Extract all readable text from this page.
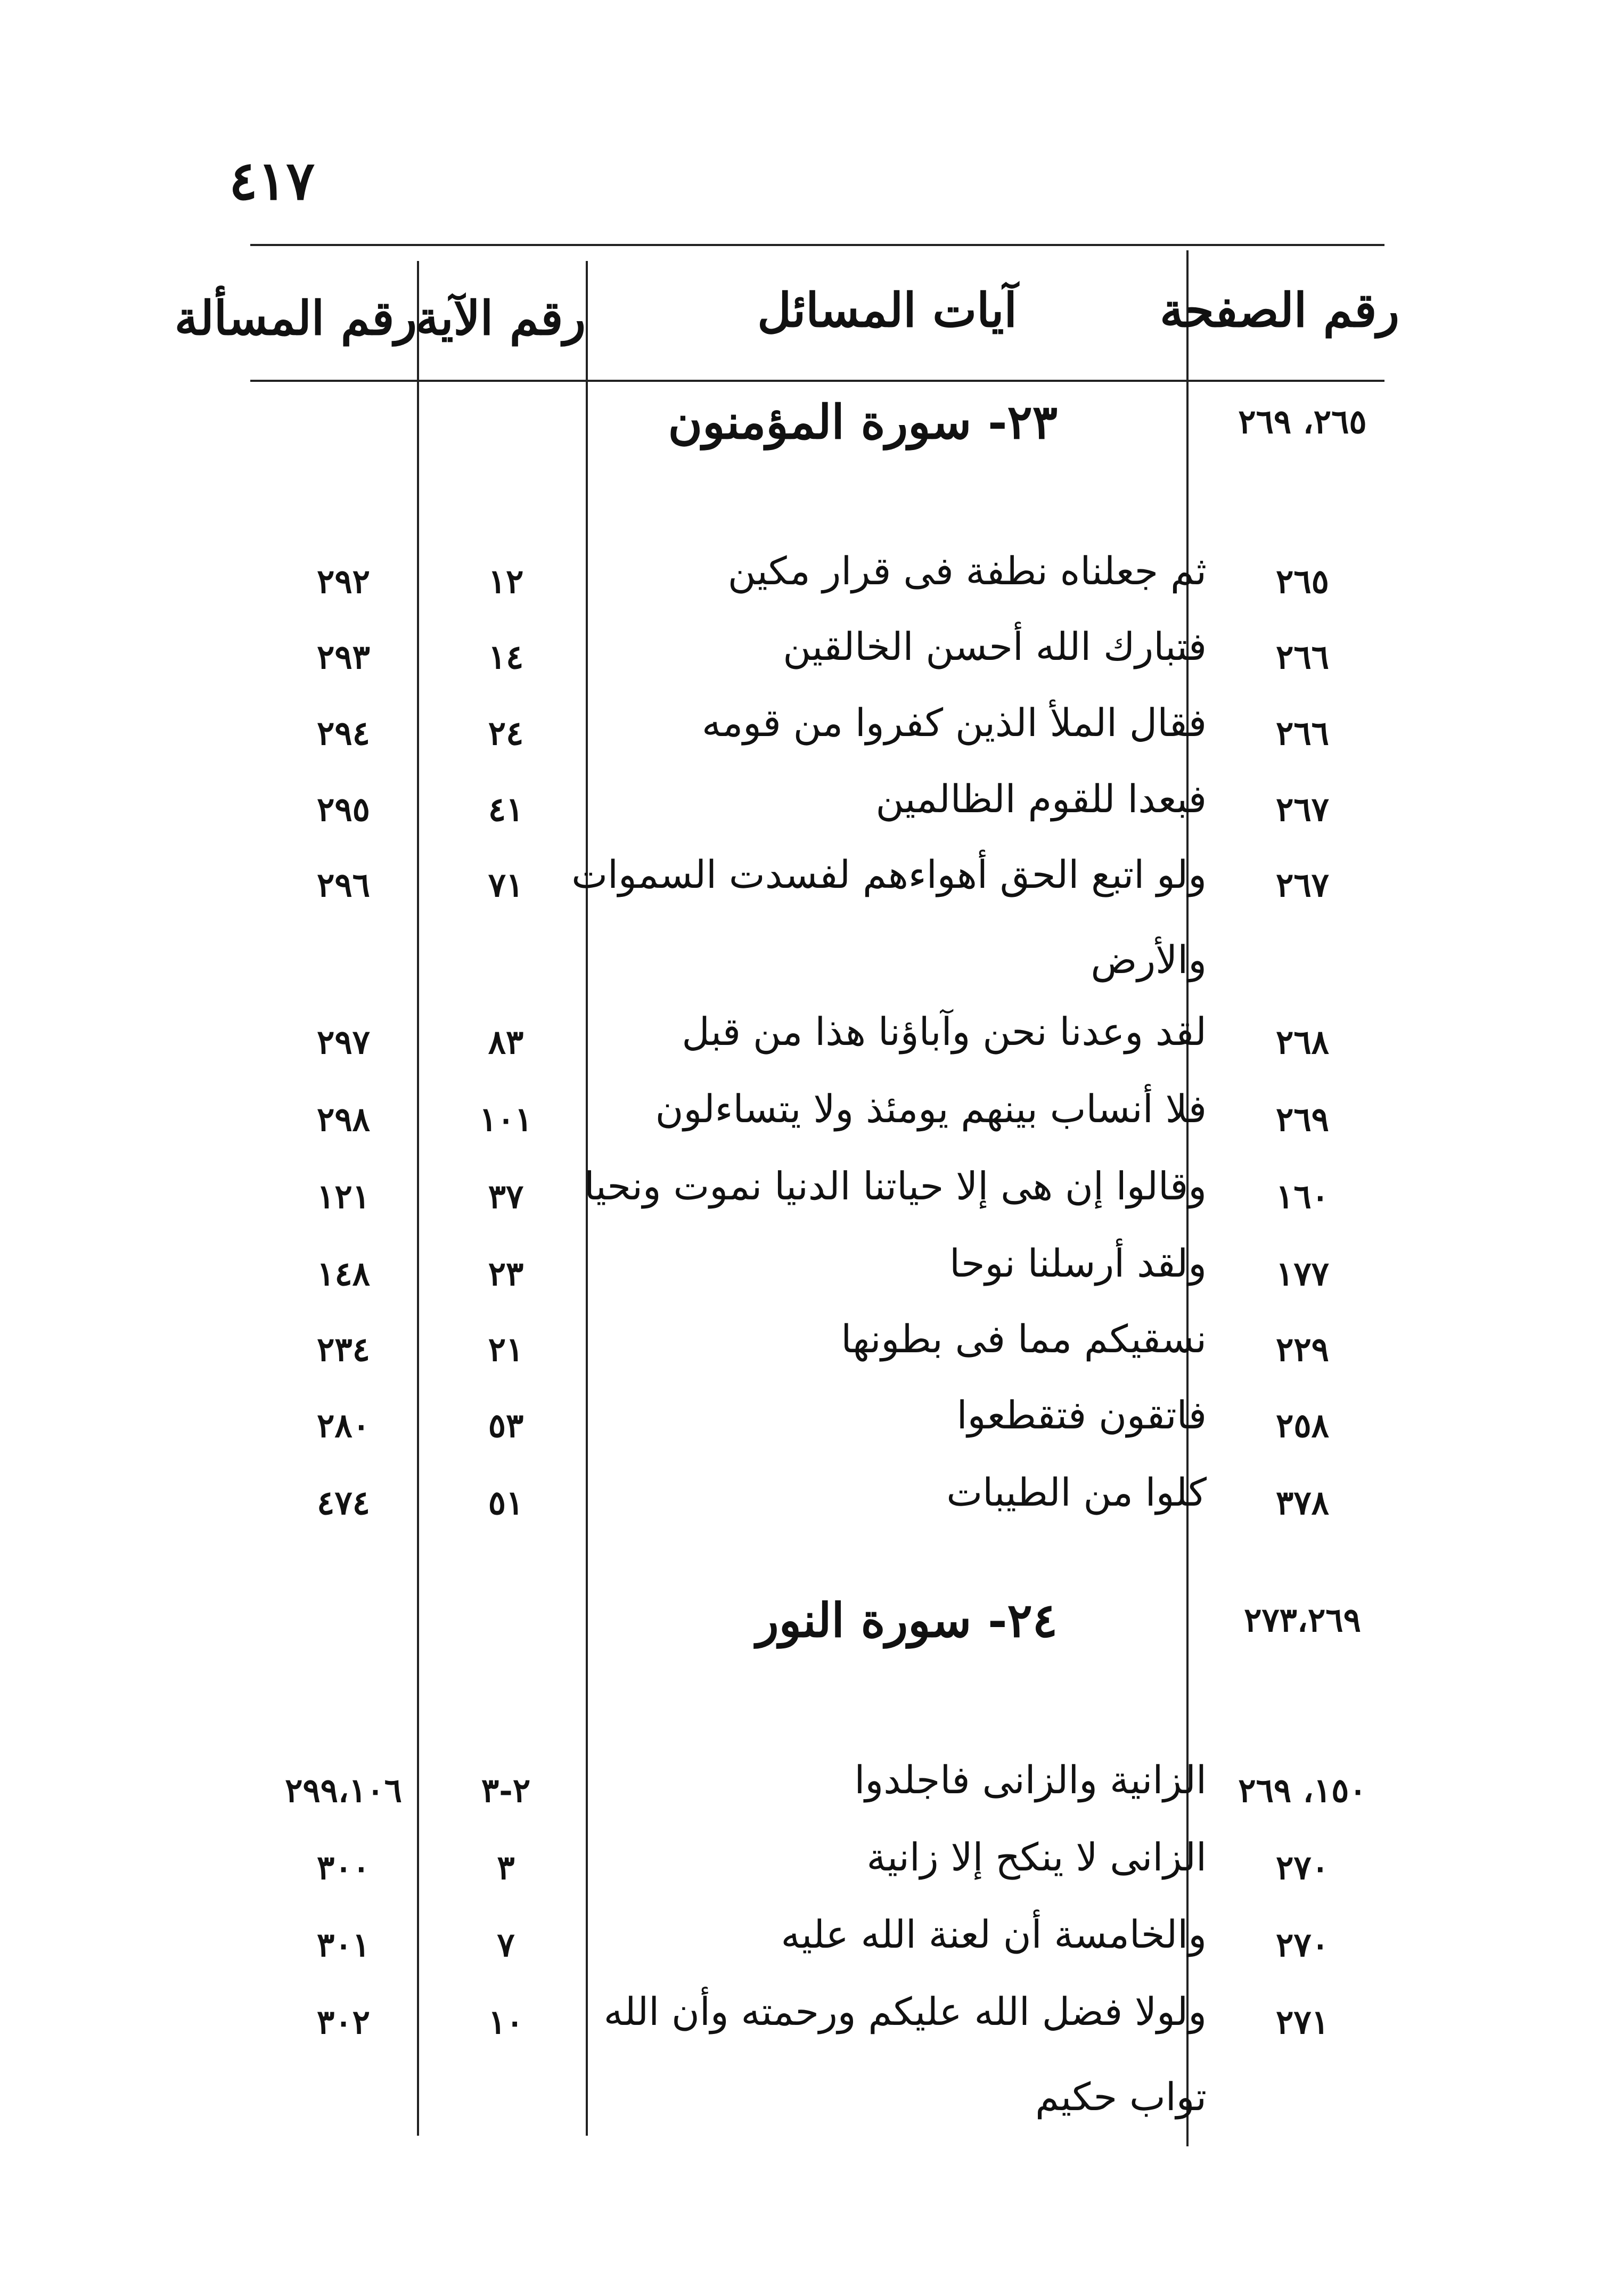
٤١٧
رقم الصفحة
آيات المسائل
رقم الآية
رقم المسألة
٢٣- سورة المؤمنون	٢٦٥، ٢٦٩
٢٦٥
ثم جعلناه نطفة فى قرار مكين
١٢
٢٩٢
٢٦٦
فتبارك الله أحسن الخالقين
١٤
٢٩٣
٢٦٦
فقال الملأ الذين كفروا من قومه
٢٤
٢٩٤
٢٦٧
فبعدا للقوم الظالمين
٤١
٢٩٥
٢٦٧
ولو اتبع الحق أهواءهم لفسدت السموات
والأرض
٧١
٢٩٦
٢٦٨
لقد وعدنا نحن وآباؤنا هذا من قبل
٨٣
٢٩٧
٢٦٩
فلا أنساب بينهم يومئذ ولا يتساءلون
١٠١
٢٩٨
١٦٠
وقالوا إن هى إلا حياتنا الدنيا نموت ونحيا
٣٧
١٢١
١٧٧
ولقد أرسلنا نوحا
٢٣
١٤٨
٢٢٩
نسقيكم مما فى بطونها
٢١
٢٣٤
٢٥٨
فاتقون فتقطعوا
٥٣
٢٨٠
٣٧٨
كلوا من الطيبات
٥١
٤٧٤
٢٤- سورة النور	٢٧٣،٢٦٩
١٥٠، ٢٦٩
الزانية والزانى فاجلدوا
٢-٣
٢٩٩،١٠٦
٢٧٠
الزانى لا ينكح إلا زانية
٣
٣٠٠
٢٧٠
والخامسة أن لعنة الله عليه
٧
٣٠١
٢٧١
ولولا فضل الله عليكم ورحمته وأن الله
تواب حكيم
١٠
٣٠٢
